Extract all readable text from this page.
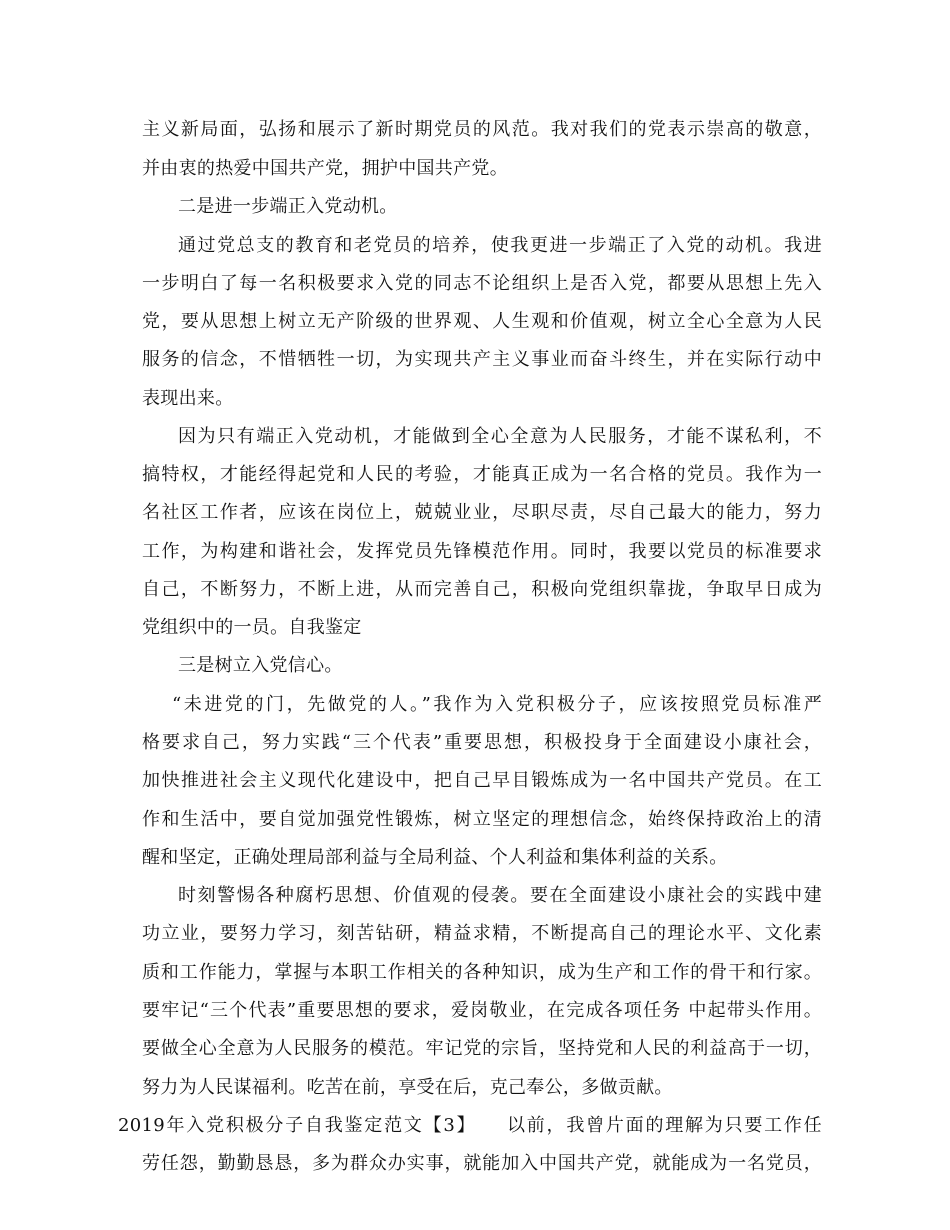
主义新局面，弘扬和展示了新时期党员的风范。我对我们的党表示崇高的敬意，
并由衷的热爱中国共产党，拥护中国共产党。
二是进一步端正入党动机。
通过党总支的教育和老党员的培养，使我更进一步端正了入党的动机。我进
一步明白了每一名积极要求入党的同志不论组织上是否入党，都要从思想上先入
党，要从思想上树立无产阶级的世界观、人生观和价值观，树立全心全意为人民
服务的信念，不惜牺牲一切，为实现共产主义事业而奋斗终生，并在实际行动中
表现出来。
因为只有端正入党动机，才能做到全心全意为人民服务，才能不谋私利，不
搞特权，才能经得起党和人民的考验，才能真正成为一名合格的党员。我作为一
名社区工作者，应该在岗位上，兢兢业业，尽职尽责，尽自己最大的能力，努力
工作，为构建和谐社会，发挥党员先锋模范作用。同时，我要以党员的标准要求
自己，不断努力，不断上进，从而完善自己，积极向党组织靠拢，争取早日成为
党组织中的一员。自我鉴定
三是树立入党信心。
“未进党的门，先做党的人。”我作为入党积极分子，应该按照党员标准严
格要求自己，努力实践“三个代表”重要思想，积极投身于全面建设小康社会，
加快推进社会主义现代化建设中，把自己早目锻炼成为一名中国共产党员。在工
作和生活中，要自觉加强党性锻炼，树立坚定的理想信念，始终保持政治上的清
醒和坚定，正确处理局部利益与全局利益、个人利益和集体利益的关系。
时刻警惕各种腐朽思想、价值观的侵袭。要在全面建设小康社会的实践中建
功立业，要努力学习，刻苦钻研，精益求精，不断提高自己的理论水平、文化素
质和工作能力，掌握与本职工作相关的各种知识，成为生产和工作的骨干和行家。
要牢记“三个代表”重要思想的要求，爱岗敬业，在完成各项任务 中起带头作用。
要做全心全意为人民服务的模范。牢记党的宗旨，坚持党和人民的利益高于一切，
努力为人民谋福利。吃苦在前，享受在后，克己奉公，多做贡献。
2019年入党积极分子自我鉴定范文【3】　　以前，我曾片面的理解为只要工作任
劳任怨，勤勤恳恳，多为群众办实事，就能加入中国共产党，就能成为一名党员，
